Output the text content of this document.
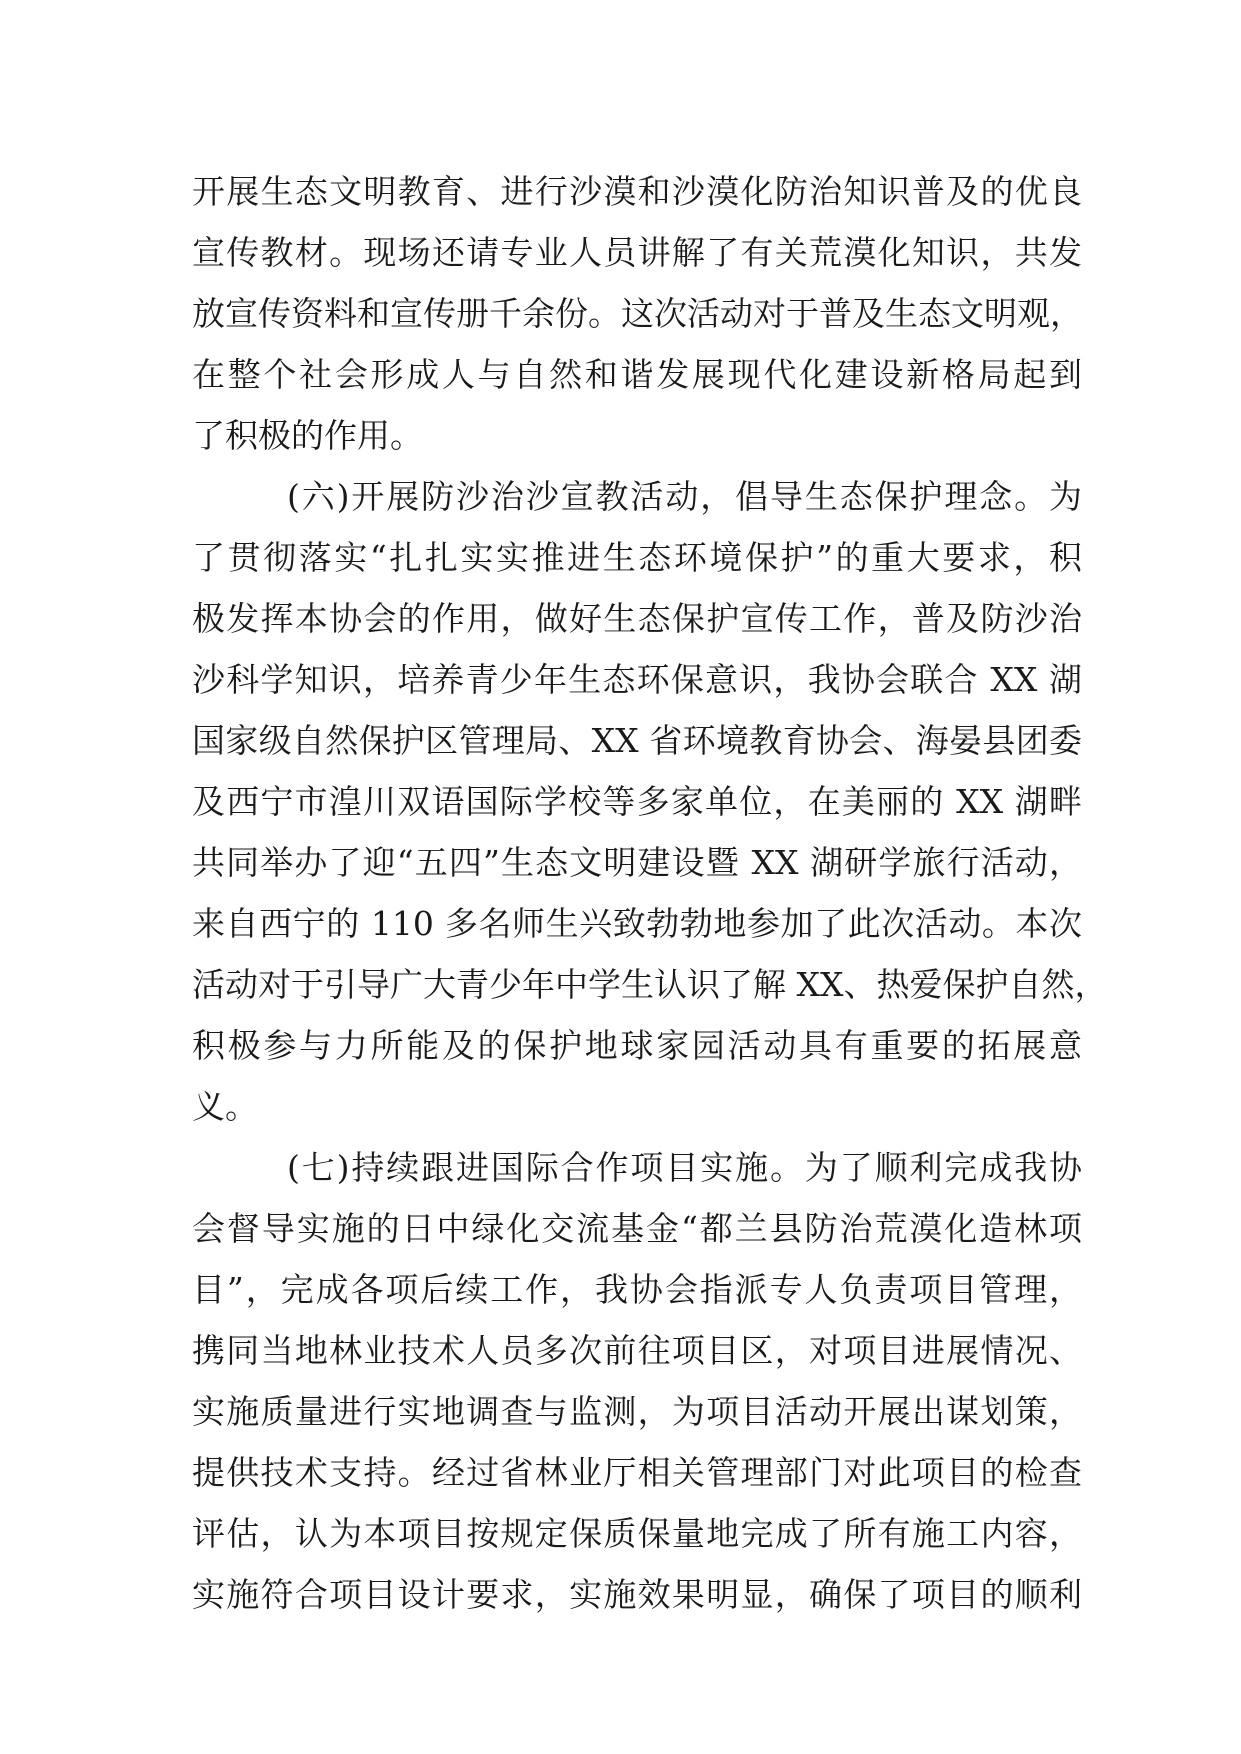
开展生态文明教育、进行沙漠和沙漠化防治知识普及的优良
宣传教材。现场还请专业人员讲解了有关荒漠化知识，共发
放宣传资料和宣传册千余份。这次活动对于普及生态文明观，
在整个社会形成人与自然和谐发展现代化建设新格局起到
了积极的作用。
(六)开展防沙治沙宣教活动，倡导生态保护理念。为
了贯彻落实“扎扎实实推进生态环境保护”的重大要求，积
极发挥本协会的作用，做好生态保护宣传工作，普及防沙治
沙科学知识，培养青少年生态环保意识，我协会联合 XX 湖
国家级自然保护区管理局、XX 省环境教育协会、海晏县团委
及西宁市湟川双语国际学校等多家单位，在美丽的 XX 湖畔
共同举办了迎“五四”生态文明建设暨 XX 湖研学旅行活动，
来自西宁的 110 多名师生兴致勃勃地参加了此次活动。本次
活动对于引导广大青少年中学生认识了解 XX、热爱保护自然，
积极参与力所能及的保护地球家园活动具有重要的拓展意
义。
(七)持续跟进国际合作项目实施。为了顺利完成我协
会督导实施的日中绿化交流基金“都兰县防治荒漠化造林项
目”，完成各项后续工作，我协会指派专人负责项目管理，
携同当地林业技术人员多次前往项目区，对项目进展情况、
实施质量进行实地调查与监测，为项目活动开展出谋划策，
提供技术支持。经过省林业厅相关管理部门对此项目的检查
评估，认为本项目按规定保质保量地完成了所有施工内容，
实施符合项目设计要求，实施效果明显，确保了项目的顺利
